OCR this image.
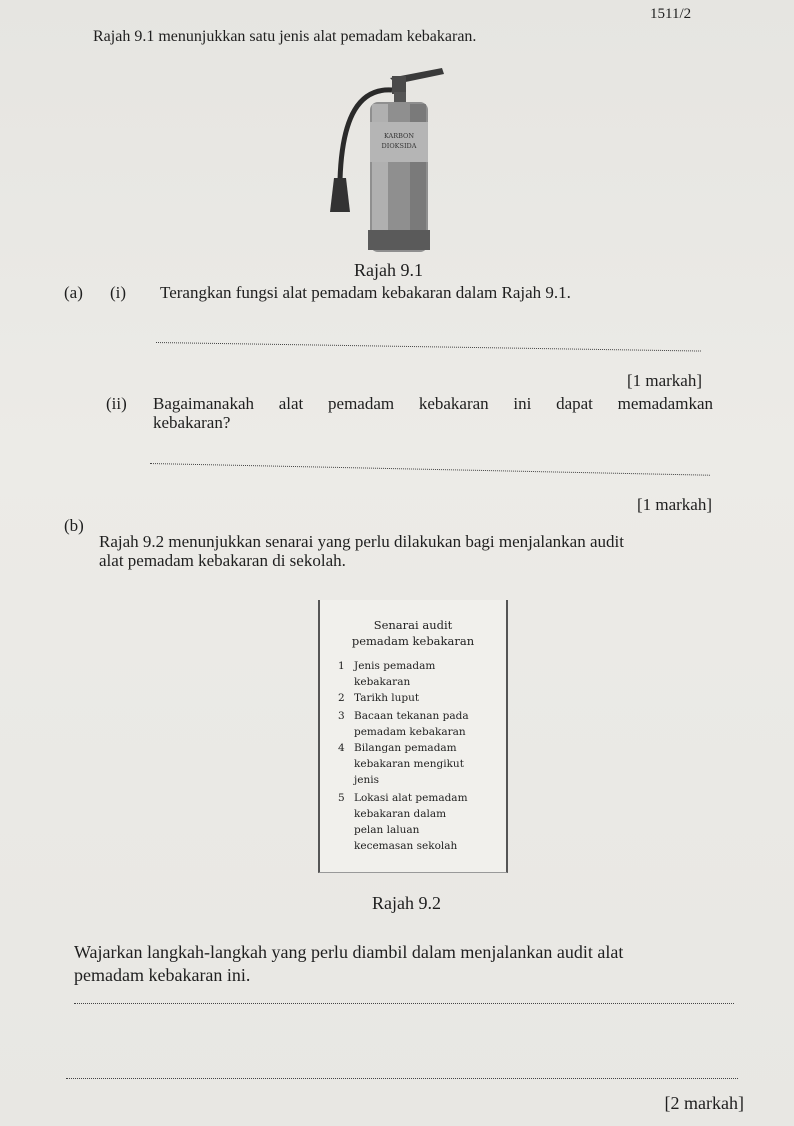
1511/2
Rajah 9.1 menunjukkan satu jenis alat pemadam kebakaran.
KARBON
DIOKSIDA
Rajah 9.1
(a) (i) Terangkan fungsi alat pemadam kebakaran dalam Rajah 9.1.
[1 markah]
(ii) Bagaimanakah alat pemadam kebakaran ini dapat memadamkan
kebakaran?
[1 markah]
(b)
Rajah 9.2 menunjukkan senarai yang perlu dilakukan bagi menjalankan audit
alat pemadam kebakaran di sekolah.
Senarai audit
pemadam kebakaran
1 Jenis pemadam
kebakaran
2 Tarikh luput
3 Bacaan tekanan pada
pemadam kebakaran
4 Bilangan pemadam
kebakaran mengikut
jenis
5 Lokasi alat pemadam
kebakaran dalam
pelan laluan
kecemasan sekolah
Rajah 9.2
Wajarkan langkah-langkah yang perlu diambil dalam menjalankan audit alat
pemadam kebakaran ini.
[2 markah]
